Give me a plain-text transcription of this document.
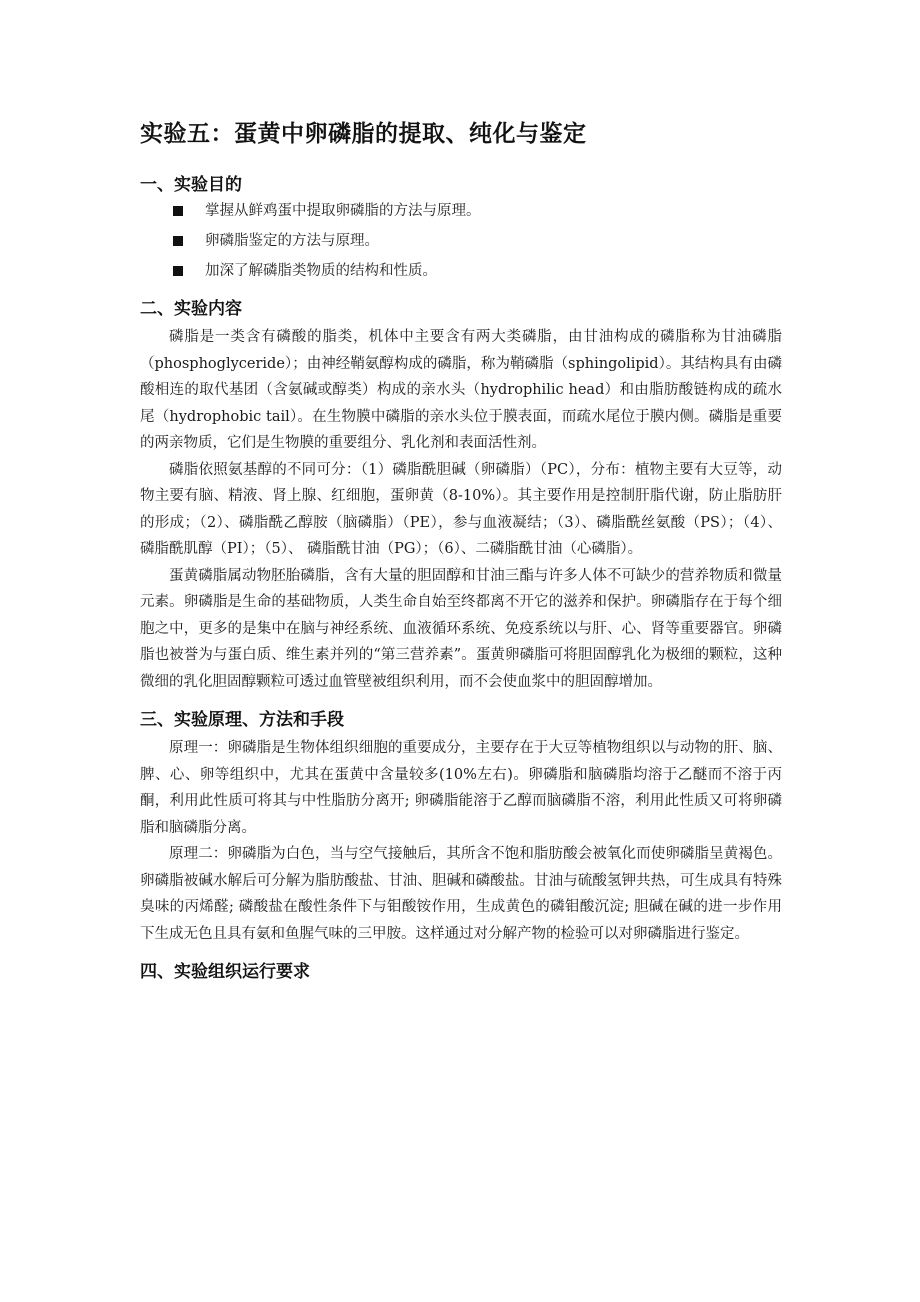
实验五：蛋黄中卵磷脂的提取、纯化与鉴定
一、实验目的
掌握从鲜鸡蛋中提取卵磷脂的方法与原理。
卵磷脂鉴定的方法与原理。
加深了解磷脂类物质的结构和性质。
二、实验内容

磷脂是一类含有磷酸的脂类，机体中主要含有两大类磷脂，由甘油构成的磷脂称为甘油磷脂（phosphoglyceride）；由神经鞘氨醇构成的磷脂，称为鞘磷脂（sphingolipid）。其结构具有由磷酸相连的取代基团（含氨碱或醇类）构成的亲水头（hydrophilic head）和由脂肪酸链构成的疏水尾（hydrophobic tail）。在生物膜中磷脂的亲水头位于膜表面，而疏水尾位于膜内侧。磷脂是重要的两亲物质，它们是生物膜的重要组分、乳化剂和表面活性剂。

磷脂依照氨基醇的不同可分：（1）磷脂酰胆碱（卵磷脂）（PC），分布：植物主要有大豆等，动物主要有脑、精液、肾上腺、红细胞，蛋卵黄（8-10%）。其主要作用是控制肝脂代谢，防止脂肪肝的形成；（2）、磷脂酰乙醇胺（脑磷脂）（PE），参与血液凝结；（3）、磷脂酰丝氨酸（PS）；（4）、 磷脂酰肌醇（PI）；（5）、 磷脂酰甘油（PG）；（6）、二磷脂酰甘油（心磷脂）。

蛋黄磷脂属动物胚胎磷脂，含有大量的胆固醇和甘油三酯与许多人体不可缺少的营养物质和微量元素。卵磷脂是生命的基础物质，人类生命自始至终都离不开它的滋养和保护。卵磷脂存在于每个细胞之中，更多的是集中在脑与神经系统、血液循环系统、免疫系统以与肝、心、肾等重要器官。卵磷脂也被誉为与蛋白质、维生素并列的“第三营养素”。蛋黄卵磷脂可将胆固醇乳化为极细的颗粒，这种微细的乳化胆固醇颗粒可透过血管壁被组织利用，而不会使血浆中的胆固醇增加。

三、实验原理、方法和手段

原理一：卵磷脂是生物体组织细胞的重要成分，主要存在于大豆等植物组织以与动物的肝、脑、脾、心、卵等组织中，尤其在蛋黄中含量较多(10%左右)。卵磷脂和脑磷脂均溶于乙醚而不溶于丙酮，利用此性质可将其与中性脂肪分离开; 卵磷脂能溶于乙醇而脑磷脂不溶，利用此性质又可将卵磷脂和脑磷脂分离。

原理二：卵磷脂为白色，当与空气接触后，其所含不饱和脂肪酸会被氧化而使卵磷脂呈黄褐色。卵磷脂被碱水解后可分解为脂肪酸盐、甘油、胆碱和磷酸盐。甘油与硫酸氢钾共热，可生成具有特殊臭味的丙烯醛; 磷酸盐在酸性条件下与钼酸铵作用，生成黄色的磷钼酸沉淀; 胆碱在碱的进一步作用下生成无色且具有氨和鱼腥气味的三甲胺。这样通过对分解产物的检验可以对卵磷脂进行鉴定。

四、实验组织运行要求
